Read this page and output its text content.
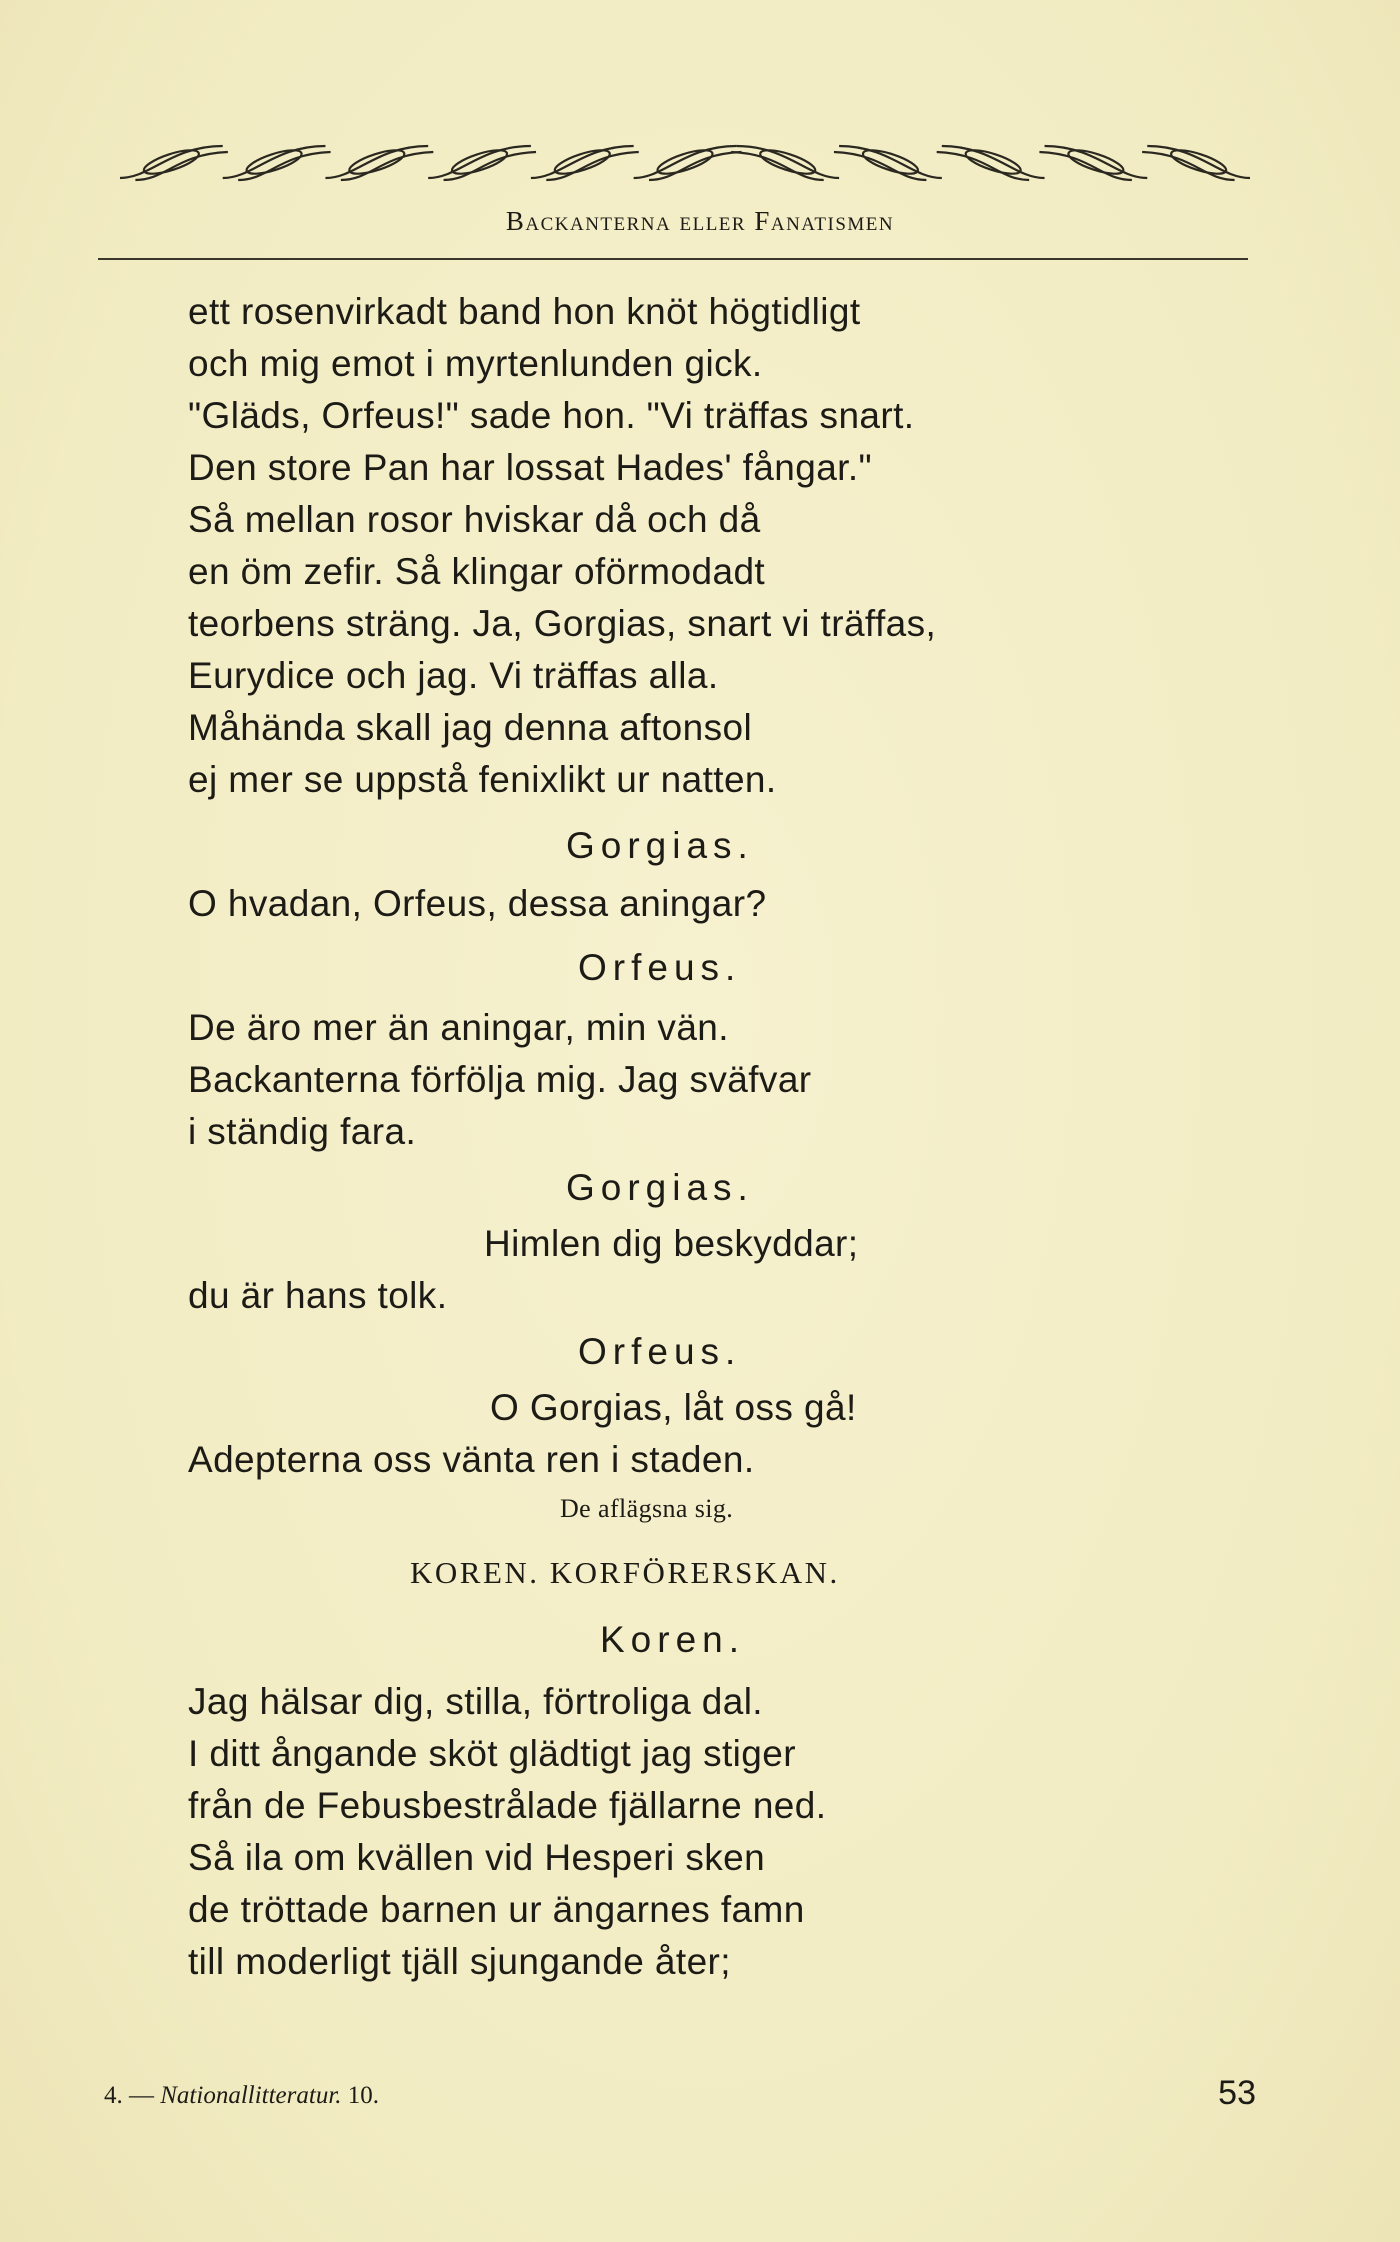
Backanterna eller Fanatismen
ett rosenvirkadt band hon knöt högtidligt
och mig emot i myrtenlunden gick.
"Gläds, Orfeus!" sade hon. "Vi träffas snart.
Den store Pan har lossat Hades' fångar."
Så mellan rosor hviskar då och då
en öm zefir. Så klingar oförmodadt
teorbens sträng. Ja, Gorgias, snart vi träffas,
Eurydice och jag. Vi träffas alla.
Måhända skall jag denna aftonsol
ej mer se uppstå fenixlikt ur natten.
Gorgias.
O hvadan, Orfeus, dessa aningar?
Orfeus.
De äro mer än aningar, min vän.
Backanterna förfölja mig. Jag sväfvar
i ständig fara.
Gorgias.
Himlen dig beskyddar;
du är hans tolk.
Orfeus.
O Gorgias, låt oss gå!
Adepterna oss vänta ren i staden.
De aflägsna sig.
KOREN. KORFÖRERSKAN.
Koren.
Jag hälsar dig, stilla, förtroliga dal.
I ditt ångande sköt glädtigt jag stiger
från de Febusbestrålade fjällarne ned.
Så ila om kvällen vid Hesperi sken
de tröttade barnen ur ängarnes famn
till moderligt tjäll sjungande åter;
4. — Nationallitteratur. 10.	53
